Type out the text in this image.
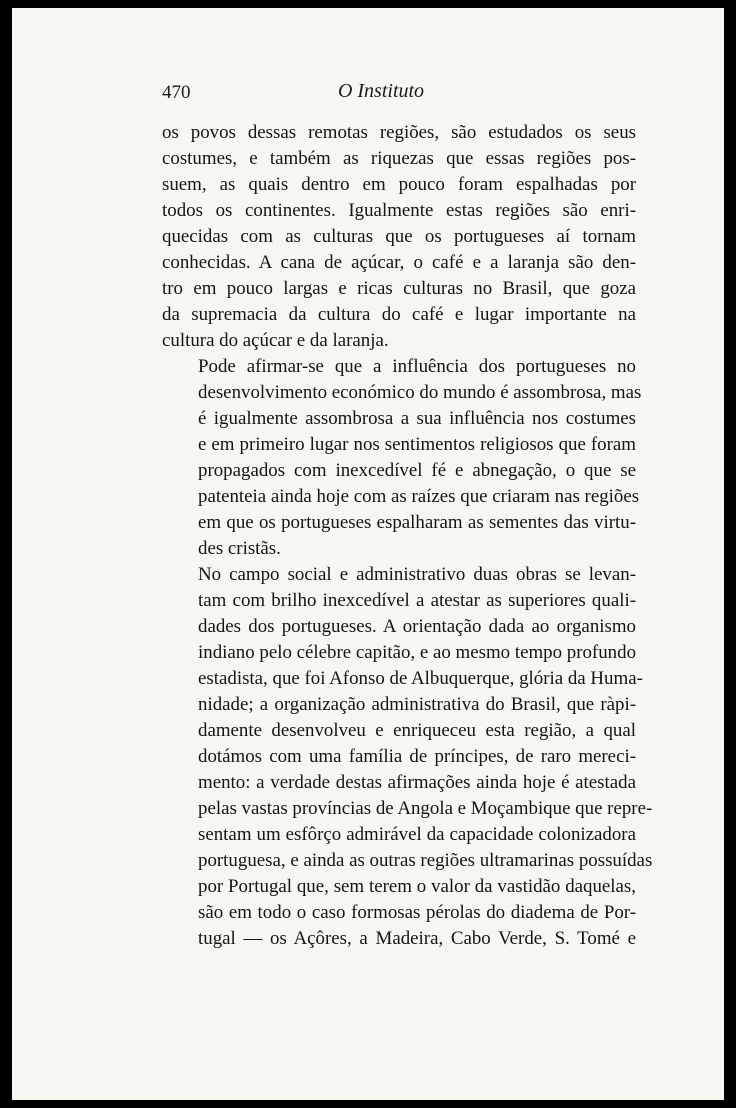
470	O Instituto

os povos dessas remotas regiões, são estudados os seus
costumes, e também as riquezas que essas regiões pos-
suem, as quais dentro em pouco foram espalhadas por
todos os continentes. Igualmente estas regiões são enri-
quecidas com as culturas que os portugueses aí tornam
conhecidas. A cana de açúcar, o café e a laranja são den-
tro em pouco largas e ricas culturas no Brasil, que goza
da supremacia da cultura do café e lugar importante na
cultura do açúcar e da laranja.

Pode afirmar-se que a influência dos portugueses no
desenvolvimento económico do mundo é assombrosa, mas
é igualmente assombrosa a sua influência nos costumes
e em primeiro lugar nos sentimentos religiosos que foram
propagados com inexcedível fé e abnegação, o que se
patenteia ainda hoje com as raízes que criaram nas regiões
em que os portugueses espalharam as sementes das virtu-
des cristãs.

No campo social e administrativo duas obras se levan-
tam com brilho inexcedível a atestar as superiores quali-
dades dos portugueses. A orientação dada ao organismo
indiano pelo célebre capitão, e ao mesmo tempo profundo
estadista, que foi Afonso de Albuquerque, glória da Huma-
nidade; a organização administrativa do Brasil, que ràpi-
damente desenvolveu e enriqueceu esta região, a qual
dotámos com uma família de príncipes, de raro mereci-
mento: a verdade destas afirmações ainda hoje é atestada
pelas vastas províncias de Angola e Moçambique que repre-
sentam um esfôrço admirável da capacidade colonizadora
portuguesa, e ainda as outras regiões ultramarinas possuídas
por Portugal que, sem terem o valor da vastidão daquelas,
são em todo o caso formosas pérolas do diadema de Por-
tugal — os Açôres, a Madeira, Cabo Verde, S. Tomé e
